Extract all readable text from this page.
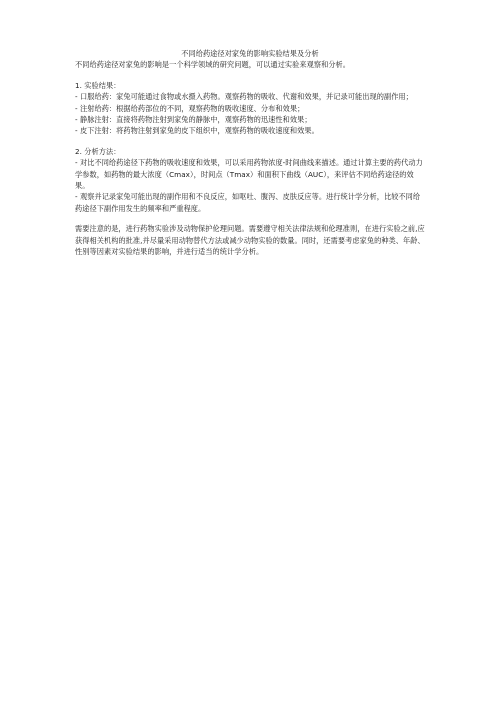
不同给药途径对家兔的影响实验结果及分析

不同给药途径对家兔的影响是一个科学领域的研究问题，可以通过实验来观察和分析。

1. 实验结果：

- 口服给药：家兔可能通过食物或水摄入药物。观察药物的吸收、代谢和效果，并记录可能出现的副作用；

- 注射给药：根据给药部位的不同，观察药物的吸收速度、分布和效果；

- 静脉注射：直接将药物注射到家兔的静脉中，观察药物的迅速性和效果；

- 皮下注射：将药物注射到家兔的皮下组织中，观察药物的吸收速度和效果。

2. 分析方法：

- 对比不同给药途径下药物的吸收速度和效果，可以采用药物浓度-时间曲线来描述。通过计算主要的药代动力学参数，如药物的最大浓度（Cmax），时间点（Tmax）和面积下曲线（AUC），来评估不同给药途径的效果。

- 观察并记录家兔可能出现的副作用和不良反应，如呕吐、腹泻、皮肤反应等。进行统计学分析，比较不同给药途径下副作用发生的频率和严重程度。

需要注意的是，进行药物实验涉及动物保护伦理问题。需要遵守相关法律法规和伦理准则，在进行实验之前,应获得相关机构的批准,并尽量采用动物替代方法或减少动物实验的数量。同时，还需要考虑家兔的种类、年龄、性别等因素对实验结果的影响，并进行适当的统计学分析。
